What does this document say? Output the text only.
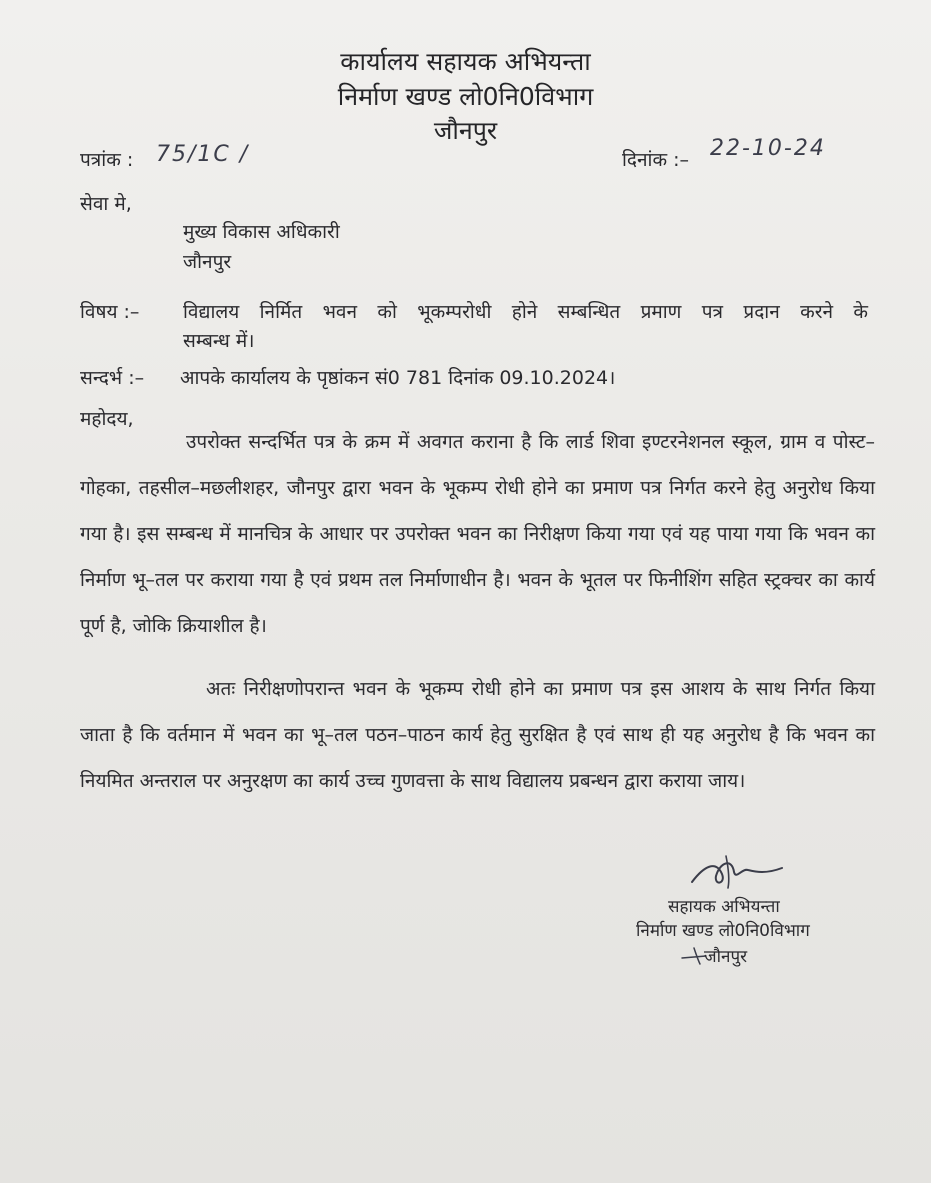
कार्यालय सहायक अभियन्ता
निर्माण खण्ड लो0नि0विभाग
जौनपुर
पत्रांक : 75/1C /	दिनांक :– 22-10-24
सेवा मे,
मुख्य विकास अधिकारी
जौनपुर
विषय :– विद्यालय निर्मित भवन को भूकम्परोधी होने सम्बन्धित प्रमाण पत्र प्रदान करने के
सम्बन्ध में।
सन्दर्भ :– आपके कार्यालय के पृष्ठांकन सं0 781 दिनांक 09.10.2024।
महोदय,
उपरोक्त सन्दर्भित पत्र के क्रम में अवगत कराना है कि लार्ड शिवा इण्टरनेशनल स्कूल, ग्राम व पोस्ट–गोहका, तहसील–मछलीशहर, जौनपुर द्वारा भवन के भूकम्प रोधी होने का प्रमाण पत्र निर्गत करने हेतु अनुरोध किया गया है। इस सम्बन्ध में मानचित्र के आधार पर उपरोक्त भवन का निरीक्षण किया गया एवं यह पाया गया कि भवन का निर्माण भू–तल पर कराया गया है एवं प्रथम तल निर्माणाधीन है। भवन के भूतल पर फिनीशिंग सहित स्ट्रक्चर का कार्य पूर्ण है, जोकि क्रियाशील है।
अतः निरीक्षणोपरान्त भवन के भूकम्प रोधी होने का प्रमाण पत्र इस आशय के साथ निर्गत किया जाता है कि वर्तमान में भवन का भू–तल पठन–पाठन कार्य हेतु सुरक्षित है एवं साथ ही यह अनुरोध है कि भवन का नियमित अन्तराल पर अनुरक्षण का कार्य उच्च गुणवत्ता के साथ विद्यालय प्रबन्धन द्वारा कराया जाय।
सहायक अभियन्ता
निर्माण खण्ड लो0नि0विभाग
जौनपुर
